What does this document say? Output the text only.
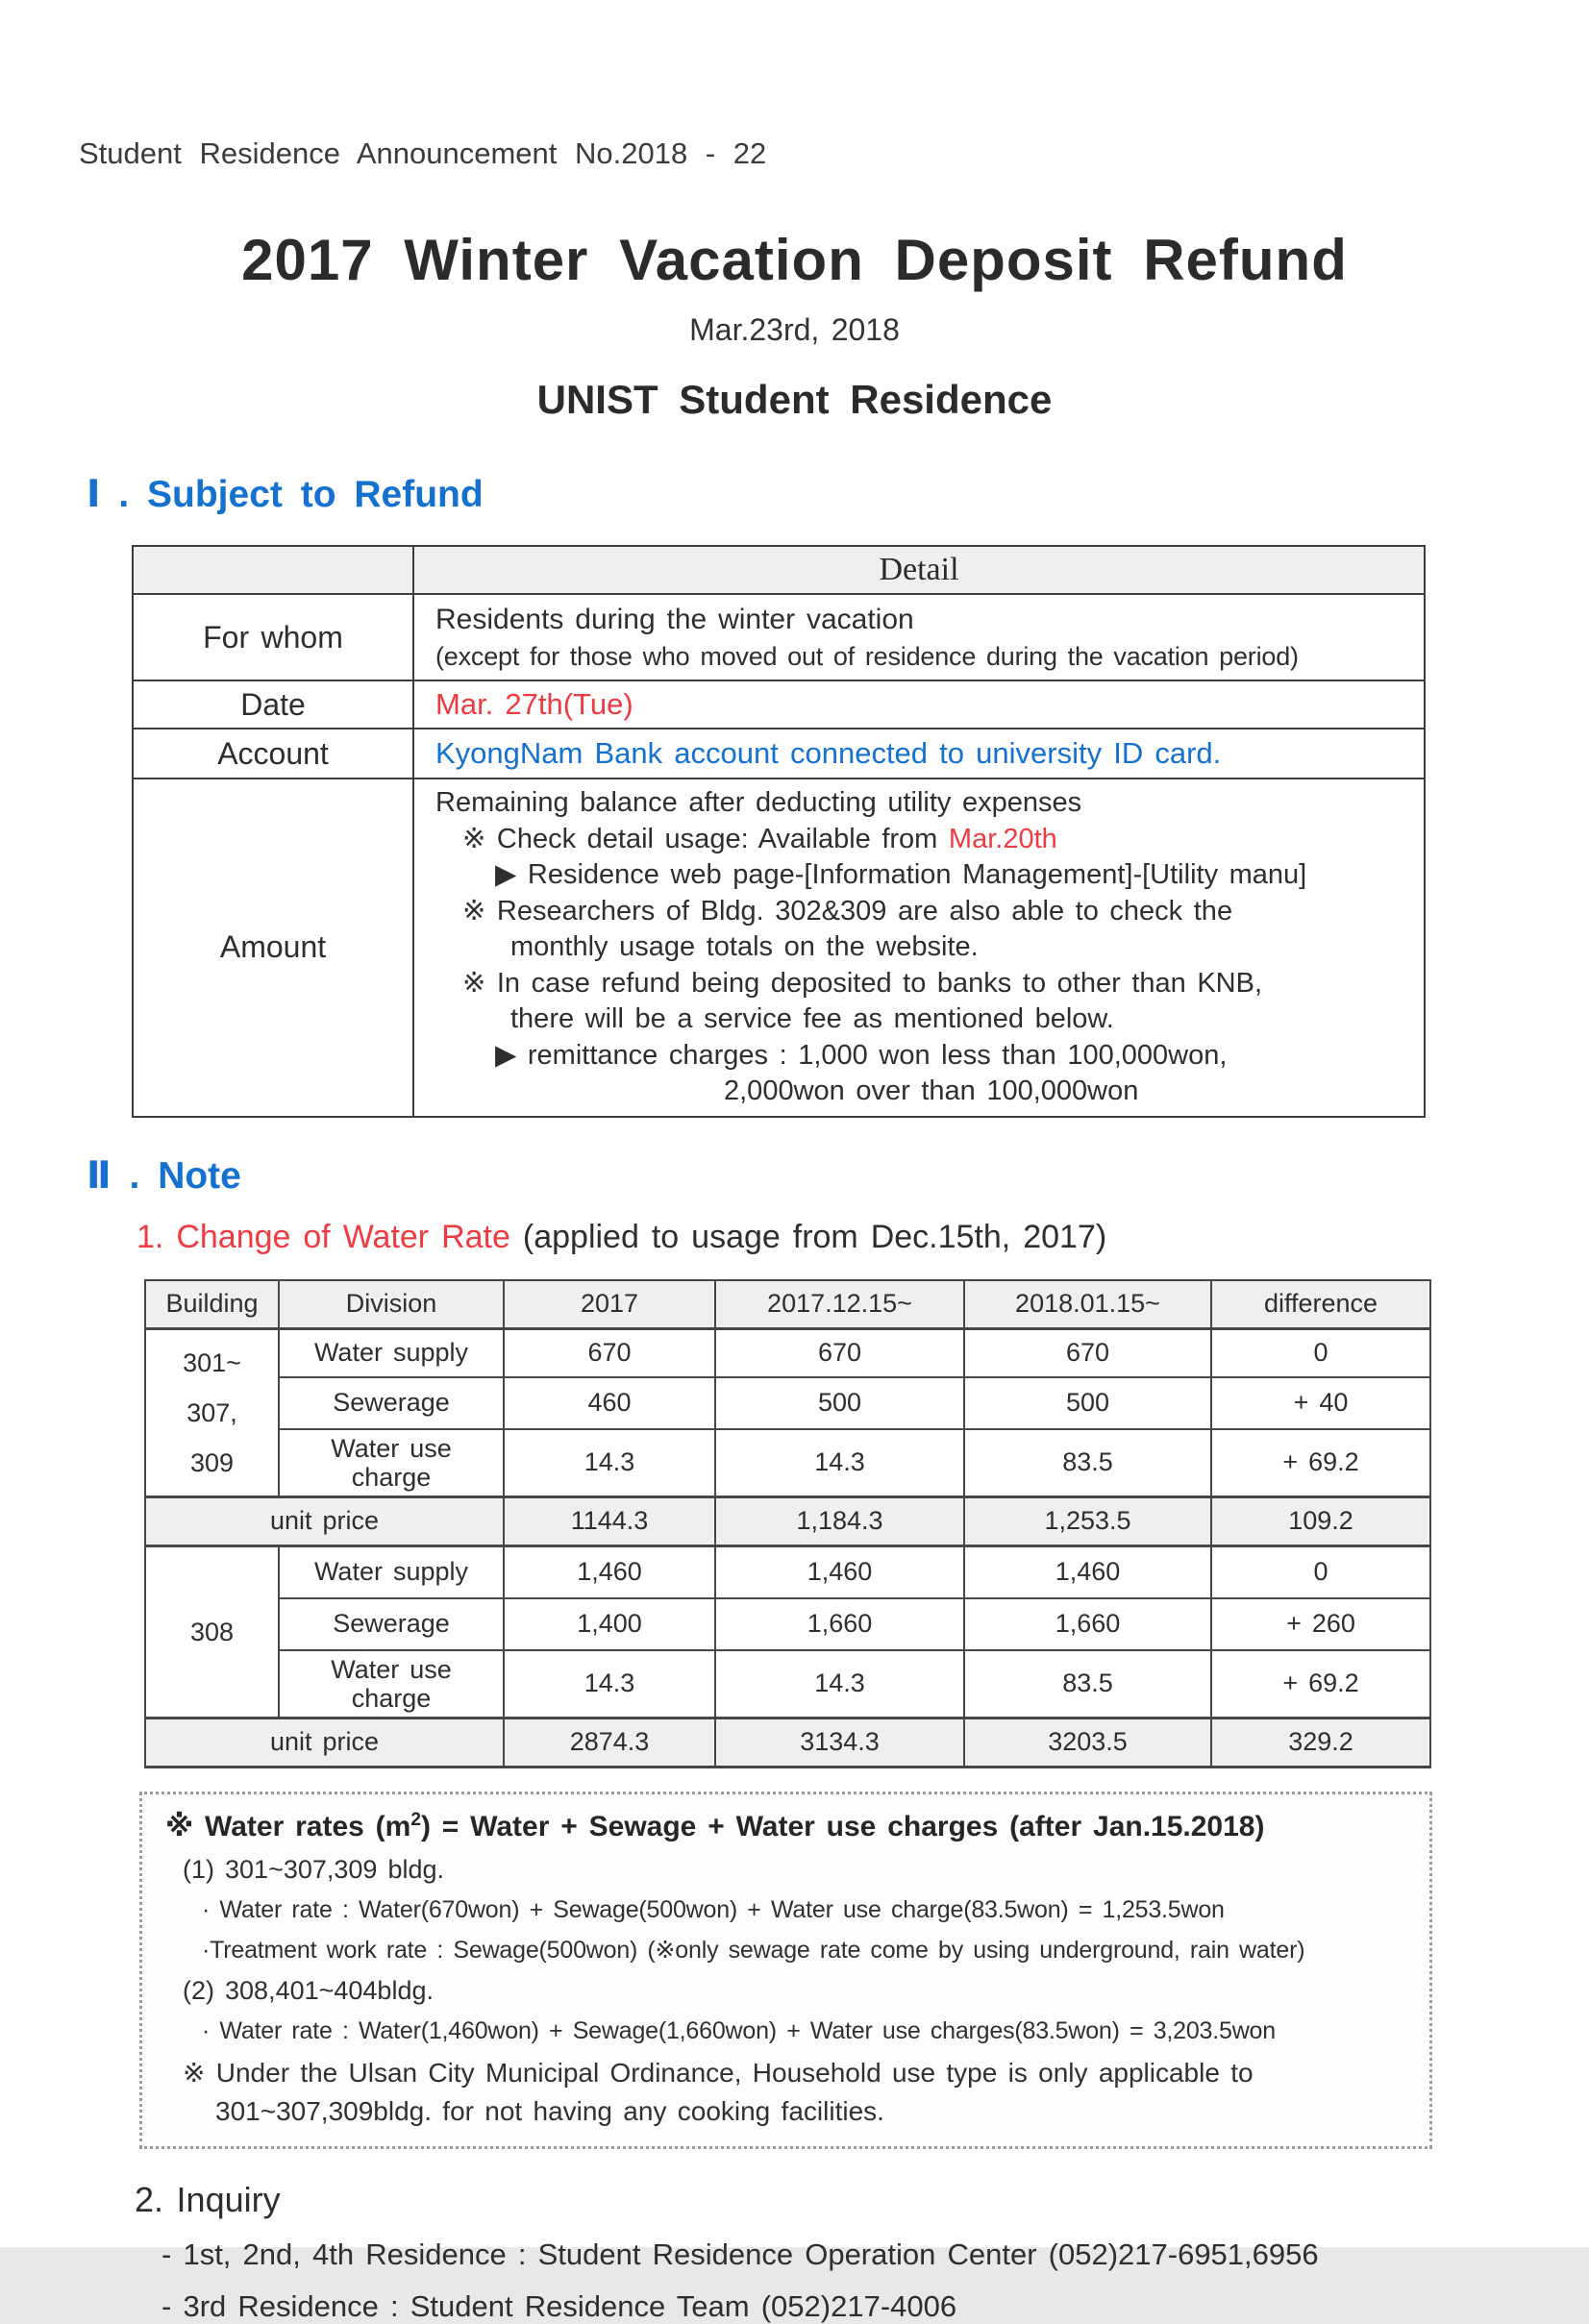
Student Residence Announcement No.2018 - 22
2017 Winter Vacation Deposit Refund
Mar.23rd, 2018
UNIST Student Residence
Ⅰ . Subject to Refund
	Detail
For whom	Residents during the winter vacation
(except for those who moved out of residence during the vacation period)

Date	Mar. 27th(Tue)
Account	KyongNam Bank account connected to university ID card.
Amount	
Remaining balance after deducting utility expenses
※ Check detail usage: Available from Mar.20th
▶ Residence web page-[Information Management]-[Utility manu]
※ Researchers of Bldg. 302&309 are also able to check the
monthly usage totals on the website.
※ In case refund being deposited to banks to other than KNB,
there will be a service fee as mentioned below.
▶ remittance charges : 1,000 won less than 100,000won,
2,000won over than 100,000won
Ⅱ . Note
1. Change of Water Rate (applied to usage from Dec.15th, 2017)
Building	Division	2017	2017.12.15~	2018.01.15~	difference

301~
307,
309	Water supply	670	670	670	0
	Sewerage	460	500	500	+ 40
	Water use charge	14.3	14.3	83.5	+ 69.2
unit price		1144.3	1,184.3	1,253.5	109.2

308	Water supply	1,460	1,460	1,460	0
	Sewerage	1,400	1,660	1,660	+ 260
	Water use charge	14.3	14.3	83.5	+ 69.2
unit price		2874.3	3134.3	3203.5	329.2
※ Water rates $(m^2)$ = Water + Sewage + Water use charges (after Jan.15.2018)
(1) 301~307,309 bldg.
· Water rate : Water(670won) + Sewage(500won) + Water use charge(83.5won) = 1,253.5won
·Treatment work rate : Sewage(500won) (※only sewage rate come by using underground, rain water)
(2) 308,401~404bldg.
· Water rate : Water(1,460won) + Sewage(1,660won) + Water use charges(83.5won) = 3,203.5won
※ Under the Ulsan City Municipal Ordinance, Household use type is only applicable to
301~307,309bldg. for not having any cooking facilities.
2. Inquiry
- 1st, 2nd, 4th Residence : Student Residence Operation Center (052)217-6951,6956
- 3rd Residence : Student Residence Team (052)217-4006
